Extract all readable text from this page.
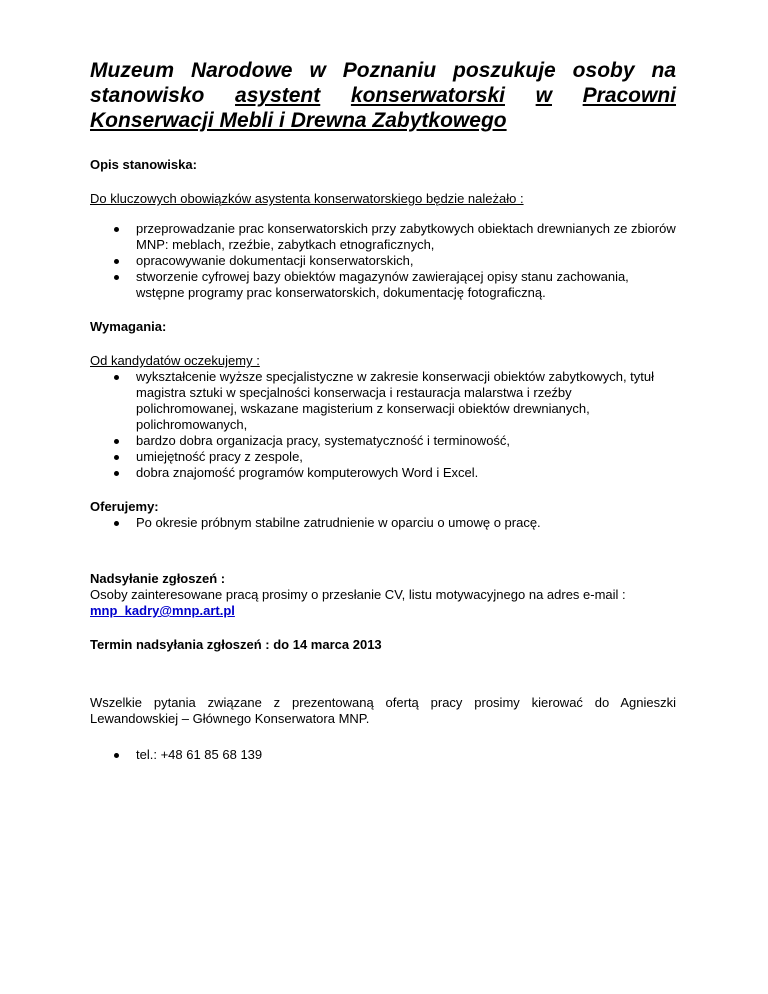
Muzeum Narodowe w Poznaniu poszukuje osoby na
stanowisko asystent konserwatorski w Pracowni
Konserwacji Mebli i Drewna Zabytkowego

Opis stanowiska:

Do kluczowych obowiązków asystenta konserwatorskiego będzie należało :

przeprowadzanie prac konserwatorskich przy zabytkowych obiektach drewnianych ze zbiorów MNP: meblach, rzeźbie, zabytkach etnograficznych,
opracowywanie dokumentacji konserwatorskich,
stworzenie cyfrowej bazy obiektów magazynów zawierającej opisy stanu zachowania, wstępne programy prac konserwatorskich, dokumentację fotograficzną.

Wymagania:

Od kandydatów oczekujemy :

wykształcenie wyższe specjalistyczne w zakresie konserwacji obiektów zabytkowych, tytuł magistra sztuki w specjalności konserwacja i restauracja malarstwa i rzeźby polichromowanej, wskazane magisterium z konserwacji obiektów drewnianych, polichromowanych,
bardzo dobra organizacja pracy, systematyczność i terminowość,
umiejętność pracy z zespole,
dobra znajomość programów komputerowych Word i Excel.

Oferujemy:

Po okresie próbnym stabilne zatrudnienie w oparciu o umowę o pracę.

Nadsyłanie zgłoszeń :

Osoby zainteresowane pracą prosimy o przesłanie CV, listu motywacyjnego na adres e-mail :

mnp_kadry@mnp.art.pl

Termin nadsyłania zgłoszeń : do 14 marca 2013

Wszelkie pytania związane z prezentowaną ofertą pracy prosimy kierować do Agnieszki Lewandowskiej – Głównego Konserwatora MNP.

tel.: +48 61 85 68 139
